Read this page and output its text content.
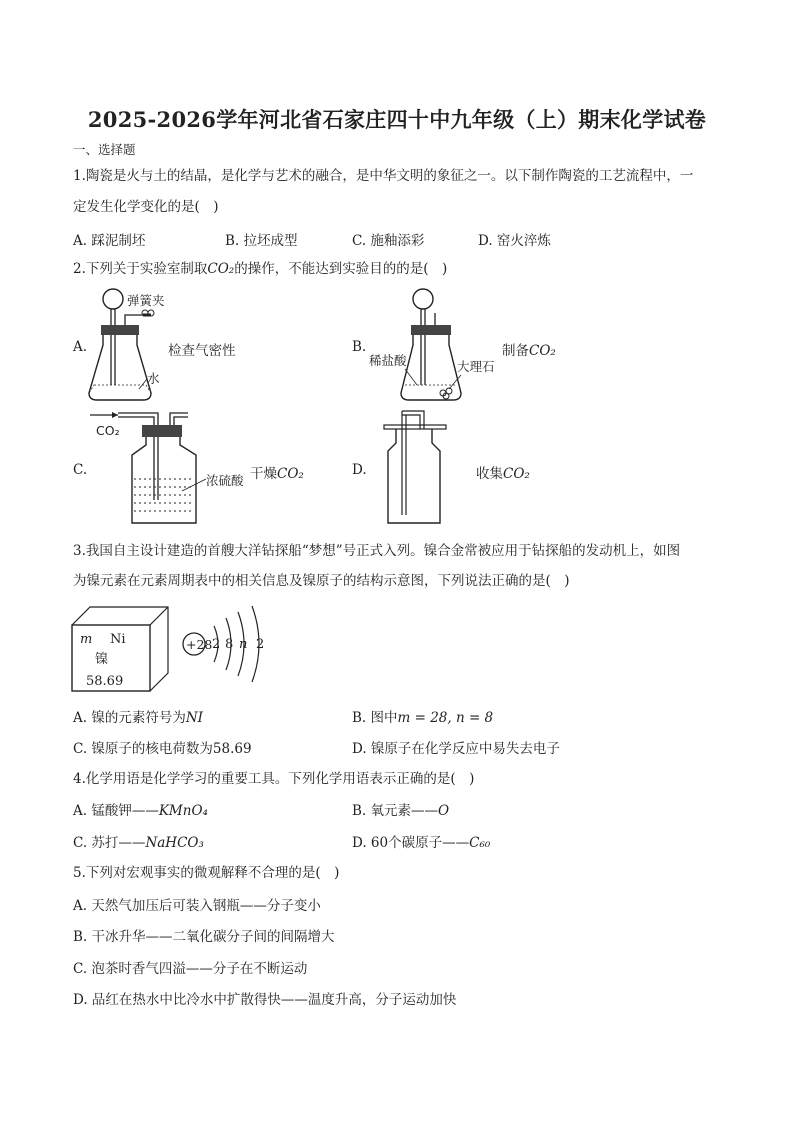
2025-2026学年河北省石家庄四十中九年级（上）期末化学试卷
一、选择题
1.陶瓷是火与土的结晶，是化学与艺术的融合，是中华文明的象征之一。以下制作陶瓷的工艺流程中，一
定发生化学变化的是(　)
A. 踩泥制坯	B. 拉坯成型	C. 施釉添彩	D. 窑火淬炼
2.下列关于实验室制取CO₂的操作，不能达到实验目的的是(　)
A.
弹簧夹
水
检查气密性	B.
稀盐酸	大理石
制备CO₂
C.
CO₂
浓硫酸 干燥CO₂	D.	收集CO₂
3.我国自主设计建造的首艘大洋钻探船“梦想”号正式入列。镍合金常被应用于钻探船的发动机上，如图
为镍元素在元素周期表中的相关信息及镍原子的结构示意图，下列说法正确的是(　)
m Ni
镍
58.69
+28 2 8 n 2
A. 镍的元素符号为NI	B. 图中m = 28, n = 8
C. 镍原子的核电荷数为58.69	D. 镍原子在化学反应中易失去电子
4.化学用语是化学学习的重要工具。下列化学用语表示正确的是(　)
A. 锰酸钾——KMnO₄	B. 氧元素——O
C. 苏打——NaHCO₃	D. 60个碳原子——C₆₀
5.下列对宏观事实的微观解释不合理的是(　)
A. 天然气加压后可装入钢瓶——分子变小
B. 干冰升华——二氧化碳分子间的间隔增大
C. 泡茶时香气四溢——分子在不断运动
D. 品红在热水中比冷水中扩散得快——温度升高，分子运动加快
